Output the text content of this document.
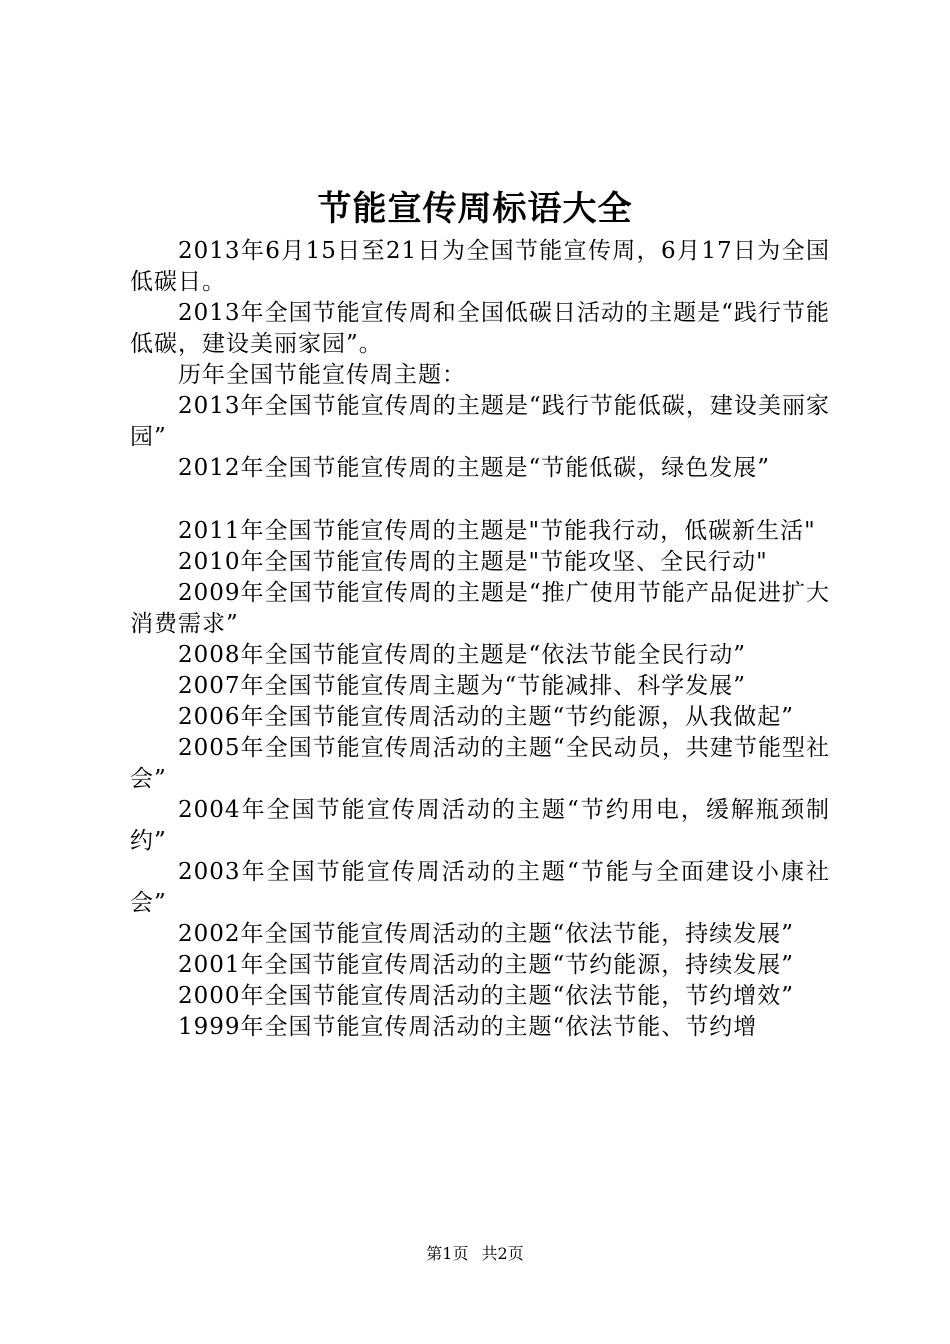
节能宣传周标语大全

2013年6月15日至21日为全国节能宣传周，6月17日为全国低碳日。

2013年全国节能宣传周和全国低碳日活动的主题是“践行节能低碳，建设美丽家园”。

历年全国节能宣传周主题：

2013年全国节能宣传周的主题是“践行节能低碳，建设美丽家园”

2012年全国节能宣传周的主题是“节能低碳，绿色发展”

2011年全国节能宣传周的主题是"节能我行动，低碳新生活"

2010年全国节能宣传周的主题是"节能攻坚、全民行动"

2009年全国节能宣传周的主题是“推广使用节能产品促进扩大消费需求”

2008年全国节能宣传周的主题是“依法节能全民行动”

2007年全国节能宣传周主题为“节能减排、科学发展”

2006年全国节能宣传周活动的主题“节约能源，从我做起”

2005年全国节能宣传周活动的主题“全民动员，共建节能型社会”

2004年全国节能宣传周活动的主题“节约用电，缓解瓶颈制约”

2003年全国节能宣传周活动的主题“节能与全面建设小康社会”

2002年全国节能宣传周活动的主题“依法节能，持续发展”

2001年全国节能宣传周活动的主题“节约能源，持续发展”

2000年全国节能宣传周活动的主题“依法节能，节约增效”

1999年全国节能宣传周活动的主题“依法节能、节约增

第1页 共2页
